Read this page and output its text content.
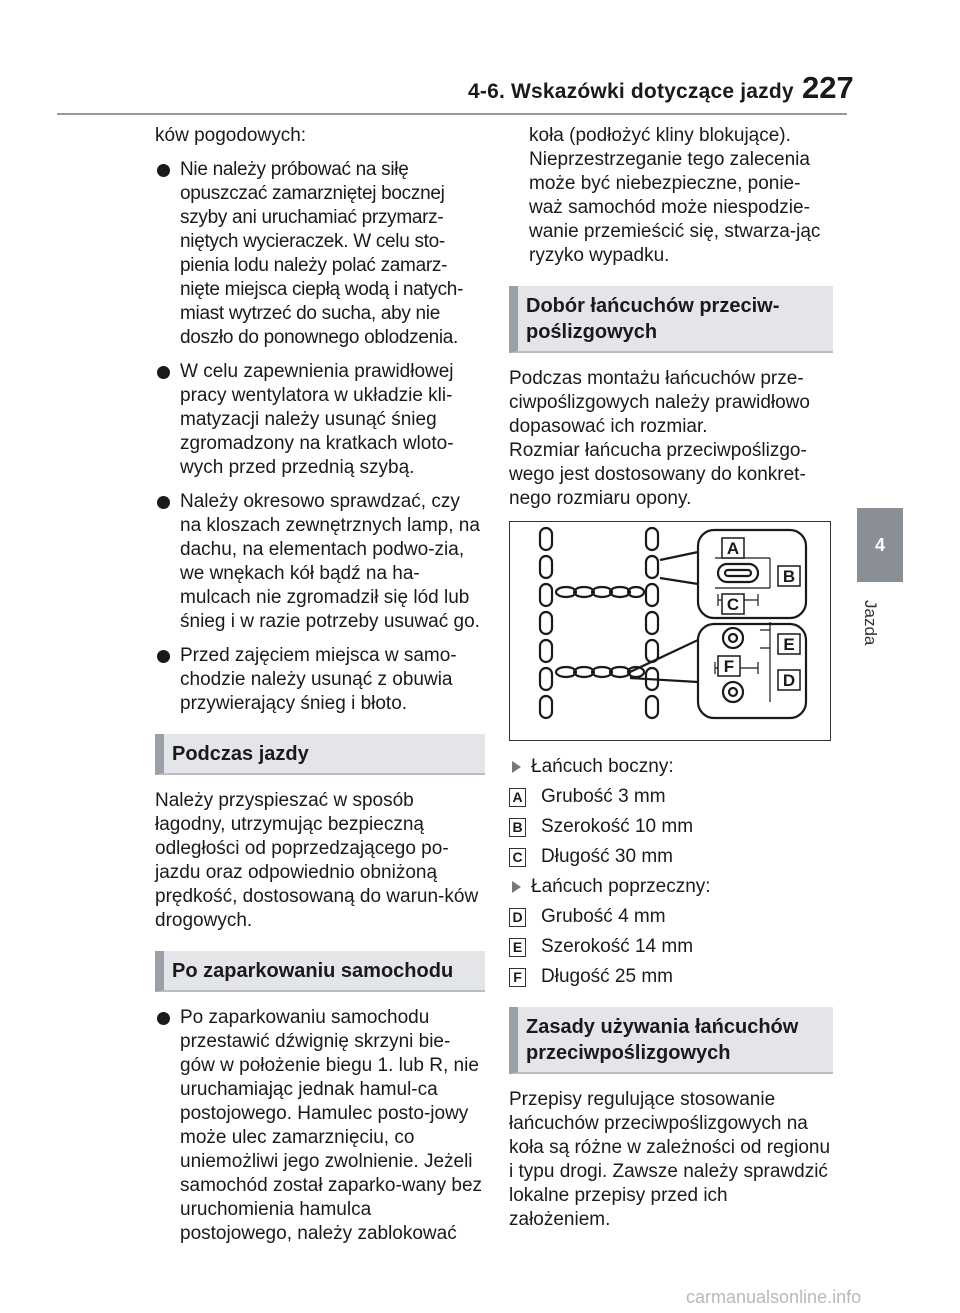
4-6. Wskazówki dotyczące jazdy 227
4
Jazda

ków pogodowych:

Nie należy próbować na siłę opuszczać zamarzniętej bocznej szyby ani uruchamiać przymarz-niętych wycieraczek. W celu sto-pienia lodu należy polać zamarz-nięte miejsca ciepłą wodą i natych-miast wytrzeć do sucha, aby nie doszło do ponownego oblodzenia.

W celu zapewnienia prawidłowej pracy wentylatora w układzie kli-matyzacji należy usunąć śnieg zgromadzony na kratkach wloto-wych przed przednią szybą.

Należy okresowo sprawdzać, czy na kloszach zewnętrznych lamp, na dachu, na elementach podwo-zia, we wnękach kół bądź na ha-mulcach nie zgromadził się lód lub śnieg i w razie potrzeby usuwać go.

Przed zajęciem miejsca w samo-chodzie należy usunąć z obuwia przywierający śnieg i błoto.

Podczas jazdy

Należy przyspieszać w sposób łagodny, utrzymując bezpieczną odległości od poprzedzającego po-jazdu oraz odpowiednio obniżoną prędkość, dostosowaną do warun-ków drogowych.

Po zaparkowaniu samochodu

Po zaparkowaniu samochodu przestawić dźwignię skrzyni bie-gów w położenie biegu 1. lub R, nie uruchamiając jednak hamul-ca postojowego. Hamulec posto-jowy może ulec zamarznięciu, co uniemożliwi jego zwolnienie. Jeżeli samochód został zaparko-wany bez uruchomienia hamulca postojowego, należy zablokować

koła (podłożyć kliny blokujące). Nieprzestrzeganie tego zalecenia może być niebezpieczne, ponie-waż samochód może niespodzie-wanie przemieścić się, stwarza-jąc ryzyko wypadku.

Dobór łańcuchów przeciw-poślizgowych

Podczas montażu łańcuchów prze-ciwpoślizgowych należy prawidłowo dopasować ich rozmiar.

Rozmiar łańcucha przeciwpoślizgo-wego jest dostosowany do konkret-nego rozmiaru opony.

A
B
C
E
F
D

Łańcuch boczny:

A Grubość 3 mm
B Szerokość 10 mm
C Długość 30 mm

Łańcuch poprzeczny:

D Grubość 4 mm
E Szerokość 14 mm
F Długość 25 mm
Zasady używania łańcuchów przeciwpoślizgowych

Przepisy regulujące stosowanie łańcuchów przeciwpoślizgowych na koła są różne w zależności od regionu i typu drogi. Zawsze należy sprawdzić lokalne przepisy przed ich założeniem.

carmanualsonline.info
